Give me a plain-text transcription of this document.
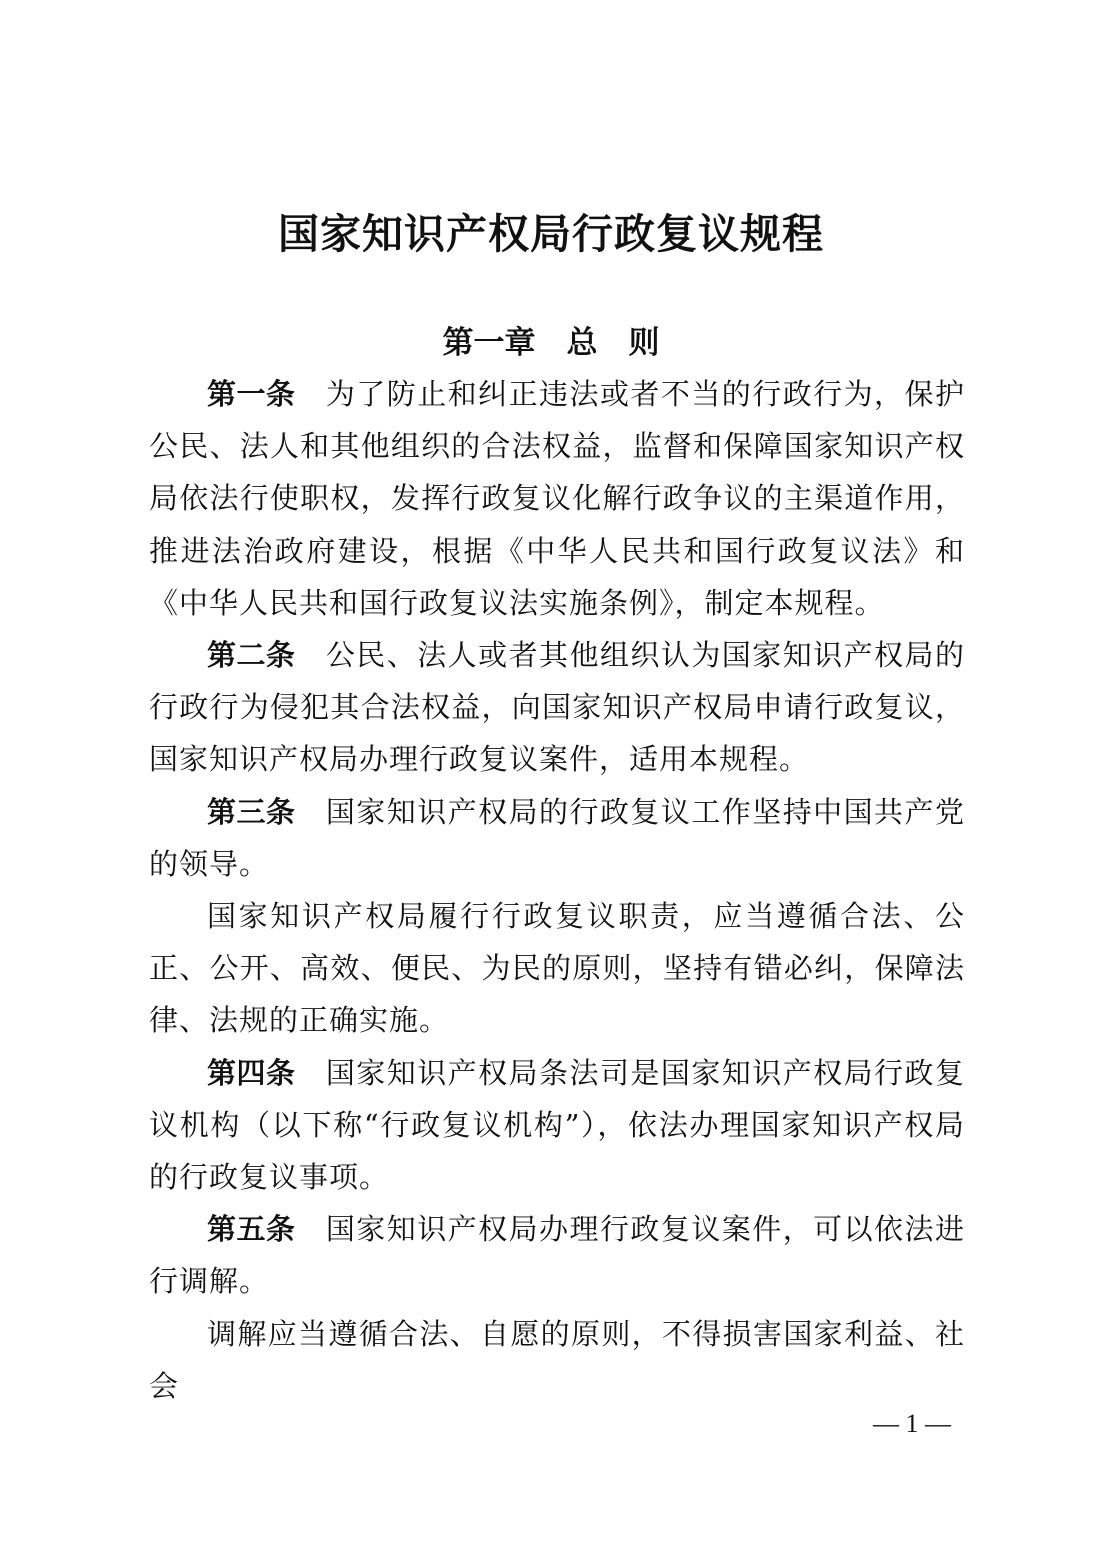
国家知识产权局行政复议规程
第一章　总　则

第一条　 为了防止和纠正违法或者不当的行政行为，保护公民、法人和其他组织的合法权益，监督和保障国家知识产权局依法行使职权，发挥行政复议化解行政争议的主渠道作用，推进法治政府建设，根据《中华人民共和国行政复议法》和《中华人民共和国行政复议法实施条例》，制定本规程。

第二条　 公民、法人或者其他组织认为国家知识产权局的行政行为侵犯其合法权益，向国家知识产权局申请行政复议，国家知识产权局办理行政复议案件，适用本规程。

第三条　 国家知识产权局的行政复议工作坚持中国共产党的领导。

国家知识产权局履行行政复议职责，应当遵循合法、公正、公开、高效、便民、为民的原则，坚持有错必纠，保障法律、法规的正确实施。

第四条　 国家知识产权局条法司是国家知识产权局行政复议机构（以下称“行政复议机构”），依法办理国家知识产权局的行政复议事项。

第五条　 国家知识产权局办理行政复议案件，可以依法进行调解。

调解应当遵循合法、自愿的原则，不得损害国家利益、社会

— 1 —
